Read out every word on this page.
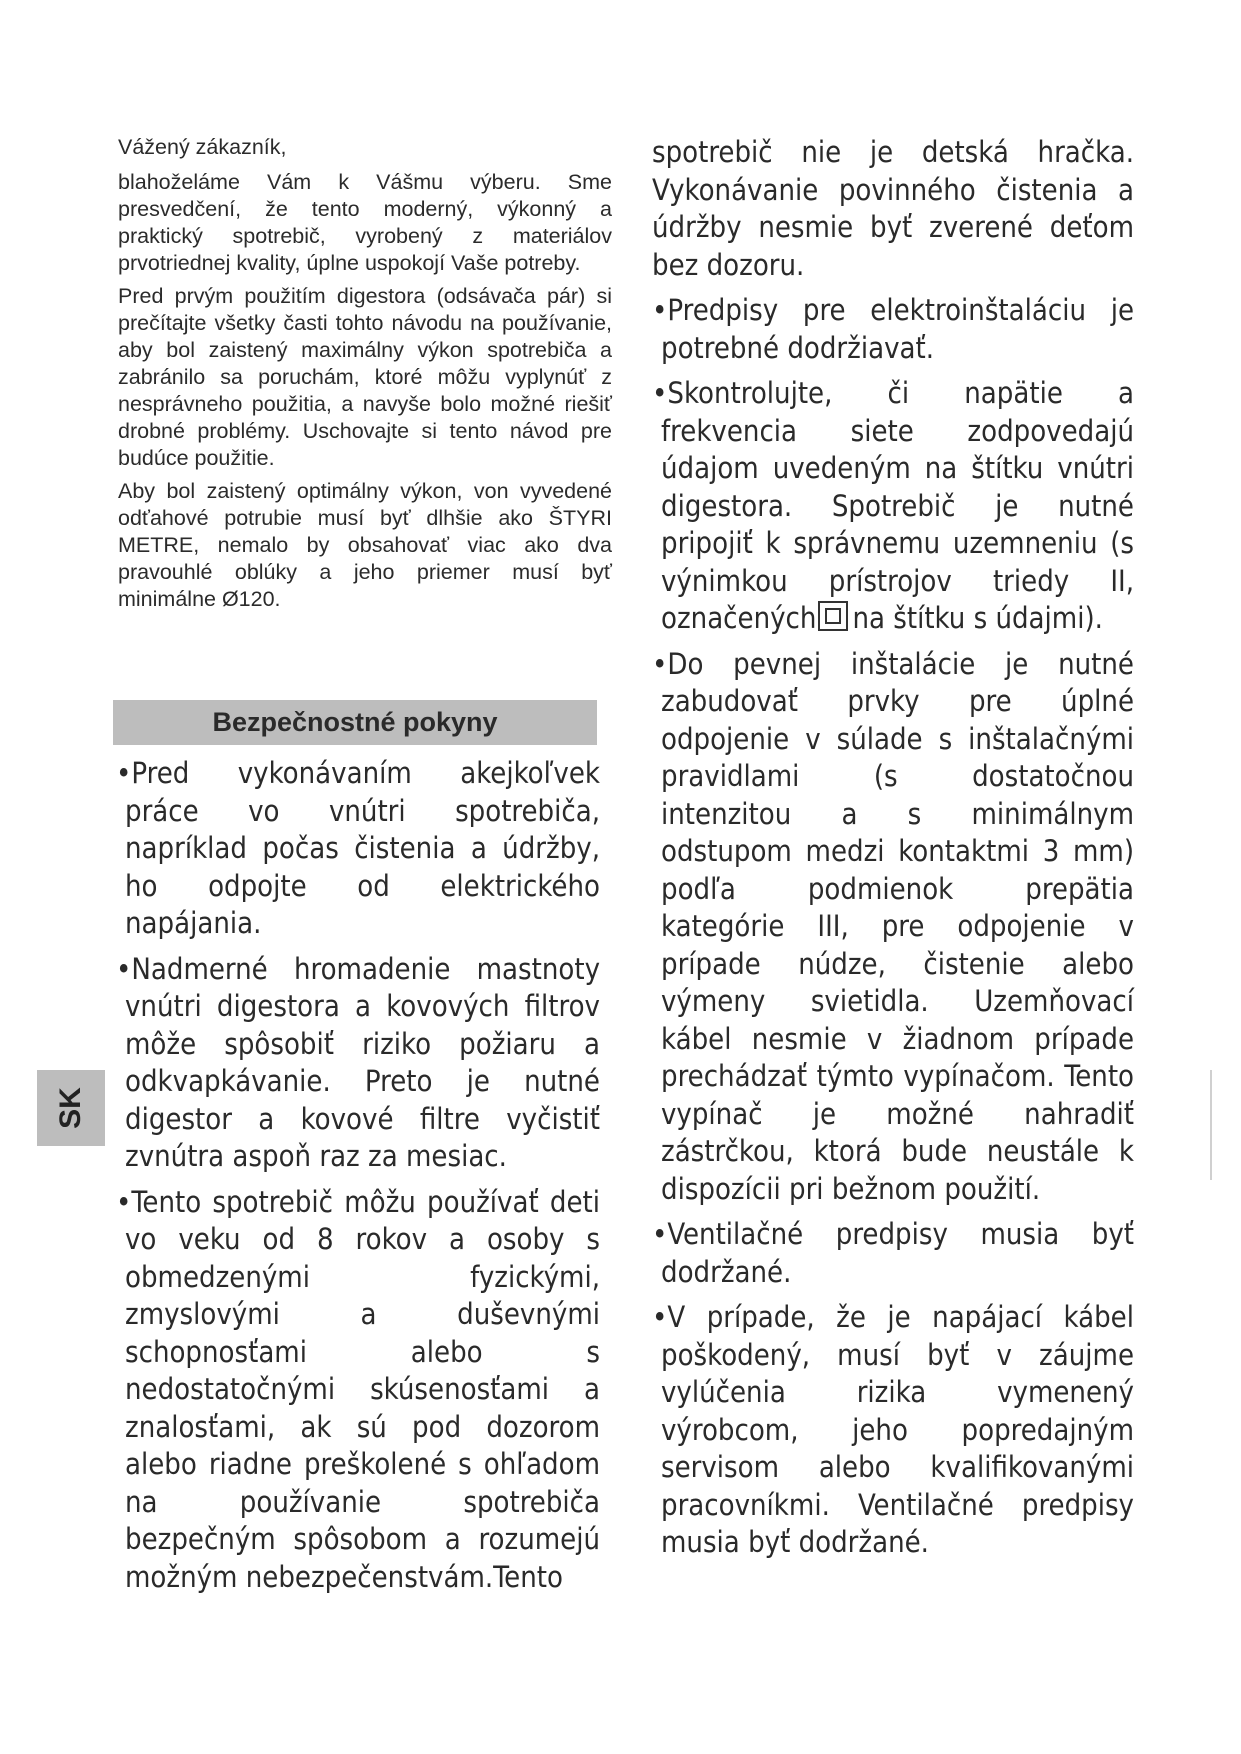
Vážený zákazník,

blahoželáme Vám k Vášmu výberu. Sme presvedčení, že tento moderný, výkonný a praktický spotrebič, vyrobený z materiálov prvotriednej kvality, úplne uspokojí Vaše potreby.

Pred prvým použitím digestora (odsávača pár) si prečítajte všetky časti tohto návodu na používanie, aby bol zaistený maximálny výkon spotrebiča a zabránilo sa poruchám, ktoré môžu vyplynúť z nesprávneho použitia, a navyše bolo možné riešiť drobné problémy. Uschovajte si tento návod pre budúce použitie.

Aby bol zaistený optimálny výkon, von vyvedené odťahové potrubie musí byť dlhšie ako ŠTYRI METRE, nemalo by obsahovať viac ako dva pravouhlé oblúky a jeho priemer musí byť minimálne Ø120.

Bezpečnostné pokyny

•Pred vykonávaním akejkoľvek práce vo vnútri spotrebiča, napríklad počas čistenia a údržby, ho odpojte od elektrického napájania.

•Nadmerné hromadenie mastnoty vnútri digestora a kovových filtrov môže spôsobiť riziko požiaru a odkvapkávanie. Preto je nutné digestor a kovové filtre vyčistiť zvnútra aspoň raz za mesiac.

•Tento spotrebič môžu používať deti vo veku od 8 rokov a osoby s obmedzenými fyzickými, zmyslovými a duševnými schopnosťami alebo s nedostatočnými skúsenosťami a znalosťami, ak sú pod dozorom alebo riadne preškolené s ohľadom na používanie spotrebiča bezpečným spôsobom a rozumejú možným nebezpečenstvám.Tento

spotrebič nie je detská hračka. Vykonávanie povinného čistenia a údržby nesmie byť zverené deťom bez dozoru.

•Predpisy pre elektroinštaláciu je potrebné dodržiavať.

•Skontrolujte, či napätie a frekvencia siete zodpovedajú údajom uvedeným na štítku vnútri digestora. Spotrebič je nutné pripojiť k správnemu uzemneniu (s výnimkou prístrojov triedy II, označených na štítku s údajmi).

•Do pevnej inštalácie je nutné zabudovať prvky pre úplné odpojenie v súlade s inštalačnými pravidlami (s dostatočnou intenzitou a s minimálnym odstupom medzi kontaktmi 3 mm) podľa podmienok prepätia kategórie III, pre odpojenie v prípade núdze, čistenie alebo výmeny svietidla. Uzemňovací kábel nesmie v žiadnom prípade prechádzať týmto vypínačom. Tento vypínač je možné nahradiť zástrčkou, ktorá bude neustále k dispozícii pri bežnom použití.

•Ventilačné predpisy musia byť dodržané.

•V prípade, že je napájací kábel poškodený, musí byť v záujme vylúčenia rizika vymenený výrobcom, jeho popredajným servisom alebo kvalifikovanými pracovníkmi. Ventilačné predpisy musia byť dodržané.

SK
